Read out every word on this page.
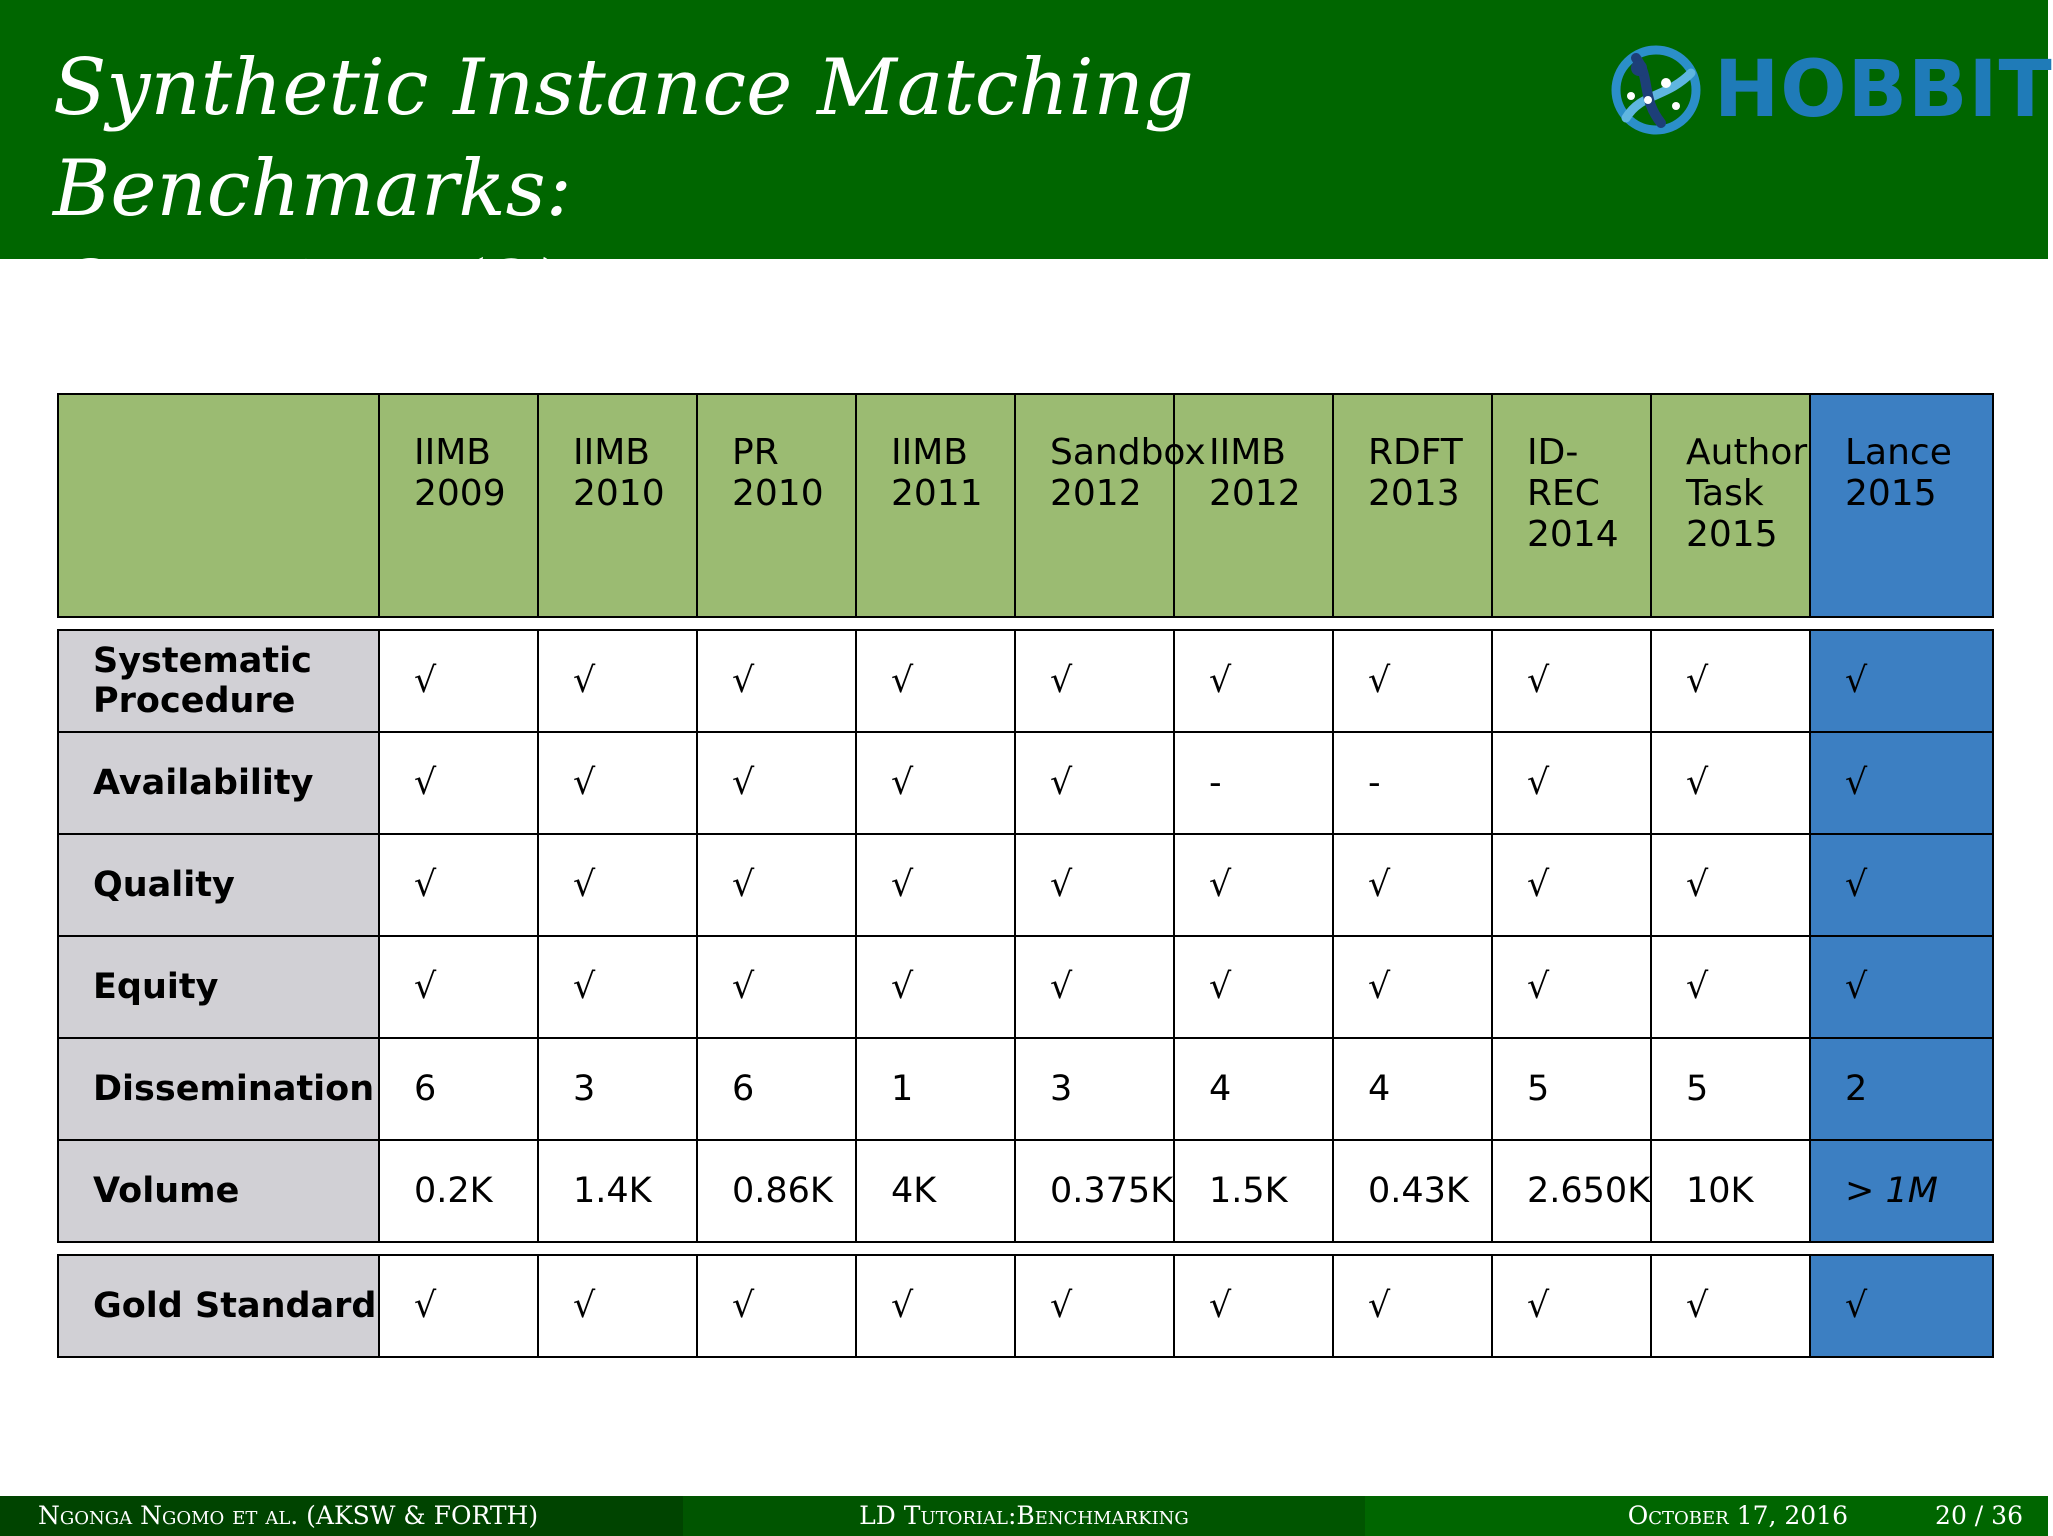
Synthetic Instance Matching Benchmarks:
Overview (3)
HOBBIT
	IIMB 2009	IIMB 2010	PR 2010	IIMB 2011	Sandbox 2012	IIMB 2012	RDFT 2013	ID-REC 2014	Author Task 2015	Lance 2015

Systematic Procedure	√	√	√	√	√	√	√	√	√	√
Availability	√	√	√	√	√	-	-	√	√	√
Quality	√	√	√	√	√	√	√	√	√	√
Equity	√	√	√	√	√	√	√	√	√	√
Dissemination	6	3	6	1	3	4	4	5	5	2
Volume	0.2K	1.4K	0.86K	4K	0.375K	1.5K	0.43K	2.650K	10K	> 1M

Gold Standard	√	√	√	√	√	√	√	√	√	√
Ngonga Ngomo et al. (AKSW & FORTH)	LD Tutorial:Benchmarking	October 17, 2016	20 / 36
